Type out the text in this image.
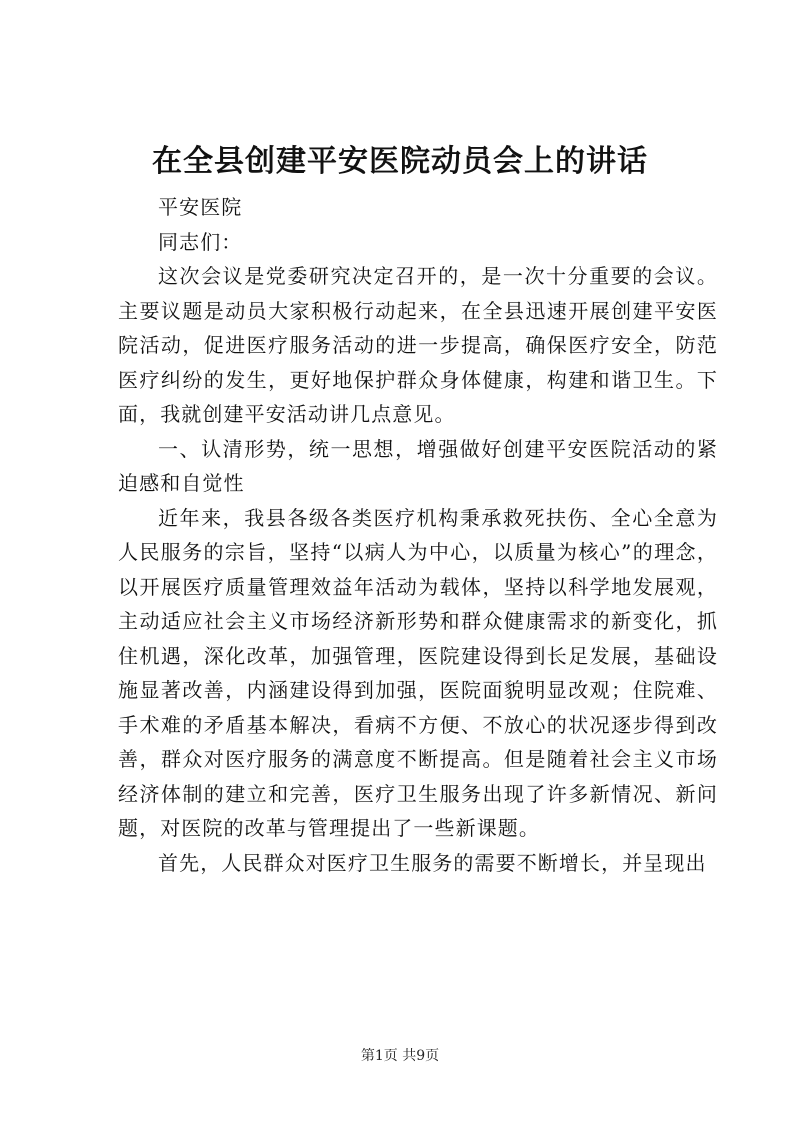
在全县创建平安医院动员会上的讲话

平安医院

同志们：

这次会议是党委研究决定召开的，是一次十分重要的会议。主要议题是动员大家积极行动起来，在全县迅速开展创建平安医院活动，促进医疗服务活动的进一步提高，确保医疗安全，防范医疗纠纷的发生，更好地保护群众身体健康，构建和谐卫生。下面，我就创建平安活动讲几点意见。

一、认清形势，统一思想，增强做好创建平安医院活动的紧迫感和自觉性

近年来，我县各级各类医疗机构秉承救死扶伤、全心全意为人民服务的宗旨，坚持“以病人为中心，以质量为核心”的理念，以开展医疗质量管理效益年活动为载体，坚持以科学地发展观，主动适应社会主义市场经济新形势和群众健康需求的新变化，抓住机遇，深化改革，加强管理，医院建设得到长足发展，基础设施显著改善，内涵建设得到加强，医院面貌明显改观；住院难、手术难的矛盾基本解决，看病不方便、不放心的状况逐步得到改善，群众对医疗服务的满意度不断提高。但是随着社会主义市场经济体制的建立和完善，医疗卫生服务出现了许多新情况、新问题，对医院的改革与管理提出了一些新课题。

首先，人民群众对医疗卫生服务的需要不断增长，并呈现出

第1页 共9页
